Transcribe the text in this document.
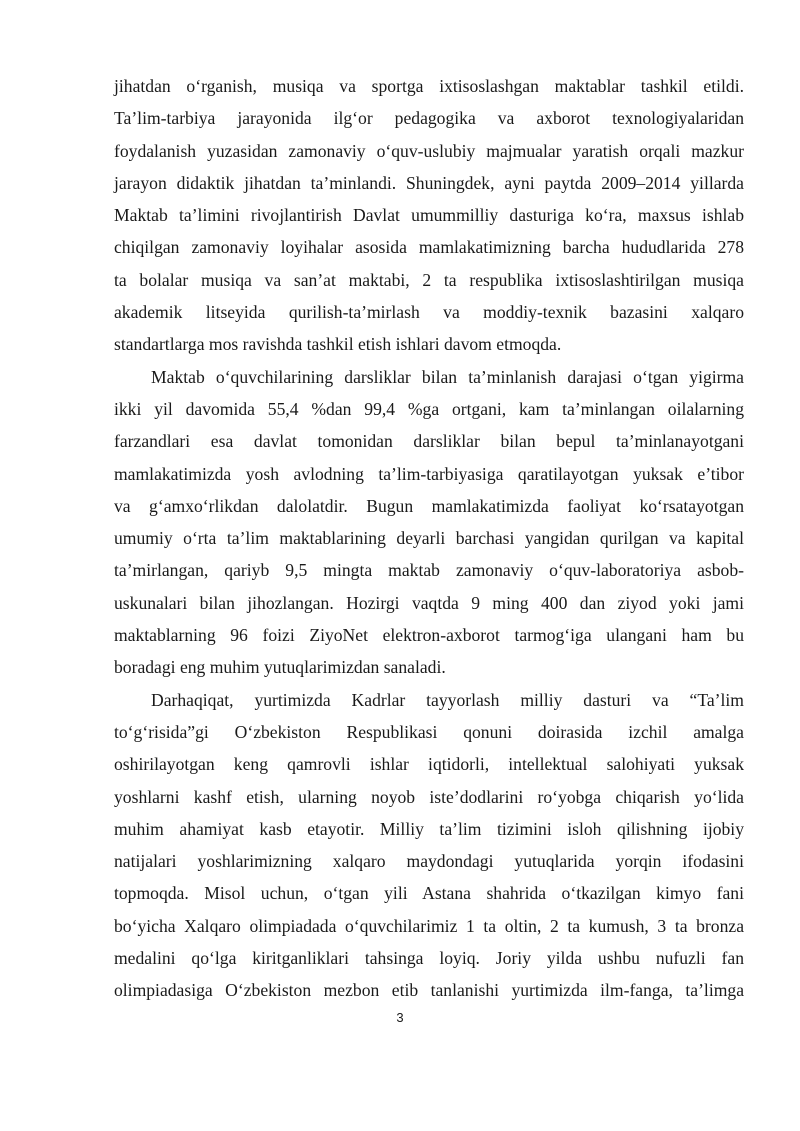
jihatdan o‘rganish, musiqa va sportga ixtisoslashgan maktablar tashkil etildi.
Ta’lim-tarbiya jarayonida ilg‘or pedagogika va axborot texnologiyalaridan
foydalanish yuzasidan zamonaviy o‘quv-uslubiy majmualar yaratish orqali mazkur
jarayon didaktik jihatdan ta’minlandi. Shuningdek, ayni paytda 2009–2014 yillarda
Maktab ta’limini rivojlantirish Davlat umummilliy dasturiga ko‘ra, maxsus ishlab
chiqilgan zamonaviy loyihalar asosida mamlakatimizning barcha hududlarida 278
ta bolalar musiqa va san’at maktabi, 2 ta respublika ixtisoslashtirilgan musiqa
akademik litseyida qurilish-ta’mirlash va moddiy-texnik bazasini xalqaro
standartlarga mos ravishda tashkil etish ishlari davom etmoqda.
Maktab o‘quvchilarining darsliklar bilan ta’minlanish darajasi o‘tgan yigirma
ikki yil davomida 55,4 %dan 99,4 %ga ortgani, kam ta’minlangan oilalarning
farzandlari esa davlat tomonidan darsliklar bilan bepul ta’minlanayotgani
mamlakatimizda yosh avlodning ta’lim-tarbiyasiga qaratilayotgan yuksak e’tibor
va g‘amxo‘rlikdan dalolatdir. Bugun mamlakatimizda faoliyat ko‘rsatayotgan
umumiy o‘rta ta’lim maktablarining deyarli barchasi yangidan qurilgan va kapital
ta’mirlangan, qariyb 9,5 mingta maktab zamonaviy o‘quv-laboratoriya asbob-
uskunalari bilan jihozlangan. Hozirgi vaqtda 9 ming 400 dan ziyod yoki jami
maktablarning 96 foizi ZiyoNet elektron-axborot tarmog‘iga ulangani ham bu
boradagi eng muhim yutuqlarimizdan sanaladi.
Darhaqiqat, yurtimizda Kadrlar tayyorlash milliy dasturi va “Ta’lim
to‘g‘risida”gi O‘zbekiston Respublikasi qonuni doirasida izchil amalga
oshirilayotgan keng qamrovli ishlar iqtidorli, intellektual salohiyati yuksak
yoshlarni kashf etish, ularning noyob iste’dodlarini ro‘yobga chiqarish yo‘lida
muhim ahamiyat kasb etayotir. Milliy ta’lim tizimini isloh qilishning ijobiy
natijalari yoshlarimizning xalqaro maydondagi yutuqlarida yorqin ifodasini
topmoqda. Misol uchun, o‘tgan yili Astana shahrida o‘tkazilgan kimyo fani
bo‘yicha Xalqaro olimpiadada o‘quvchilarimiz 1 ta oltin, 2 ta kumush, 3 ta bronza
medalini qo‘lga kiritganliklari tahsinga loyiq. Joriy yilda ushbu nufuzli fan
olimpiadasiga O‘zbekiston mezbon etib tanlanishi yurtimizda ilm-fanga, ta’limga
3
